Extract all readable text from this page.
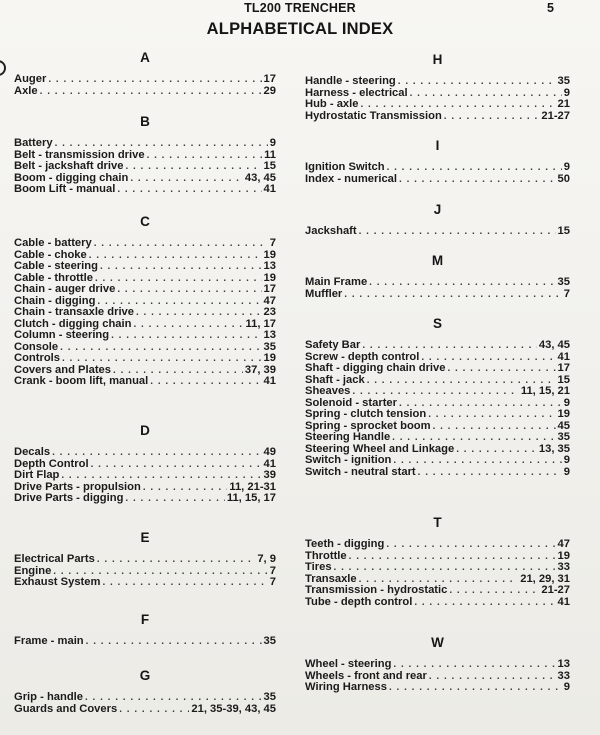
TL200 TRENCHER	5
ALPHABETICAL INDEX
A
Auger . . .	17
Axle . . .	29
B
Battery . . .	9
Belt - transmission drive . . .	11
Belt - jackshaft drive . . .	15
Boom - digging chain . . .	43, 45
Boom Lift - manual . . .	41
C
Cable - battery . . .	7
Cable - choke . . .	19
Cable - steering . . .	13
Cable - throttle . . .	19
Chain - auger drive . . .	17
Chain - digging . . .	47
Chain - transaxle drive . . .	23
Clutch - digging chain . . .	11, 17
Column - steering . . .	13
Console . . .	35
Controls . . .	19
Covers and Plates . . .	37, 39
Crank - boom lift, manual . . .	41
D
Decals . . .	49
Depth Control . . .	41
Dirt Flap . . .	39
Drive Parts - propulsion . . .	11, 21-31
Drive Parts - digging . . .	11, 15, 17
E
Electrical Parts . . .	7, 9
Engine . . .	7
Exhaust System . . .	7
F
Frame - main . . .	35
G
Grip - handle . . .	35
Guards and Covers . . .	21, 35-39, 43, 45
H
Handle - steering . . .	35
Harness - electrical . . .	9
Hub - axle . . .	21
Hydrostatic Transmission . . .	21-27
I
Ignition Switch . . .	9
Index - numerical . . .	50
J
Jackshaft . . .	15
M
Main Frame . . .	35
Muffler . . .	7
S
Safety Bar . . .	43, 45
Screw - depth control . . .	41
Shaft - digging chain drive . . .	17
Shaft - jack . . .	15
Sheaves . . .	11, 15, 21
Solenoid - starter . . .	9
Spring - clutch tension . . .	19
Spring - sprocket boom . . .	45
Steering Handle . . .	35
Steering Wheel and Linkage . . .	13, 35
Switch - ignition . . .	9
Switch - neutral start . . .	9
T
Teeth - digging . . .	47
Throttle . . .	19
Tires . . .	33
Transaxle . . .	21, 29, 31
Transmission - hydrostatic . . .	21-27
Tube - depth control . . .	41
W
Wheel - steering . . .	13
Wheels - front and rear . . .	33
Wiring Harness . . .	9
